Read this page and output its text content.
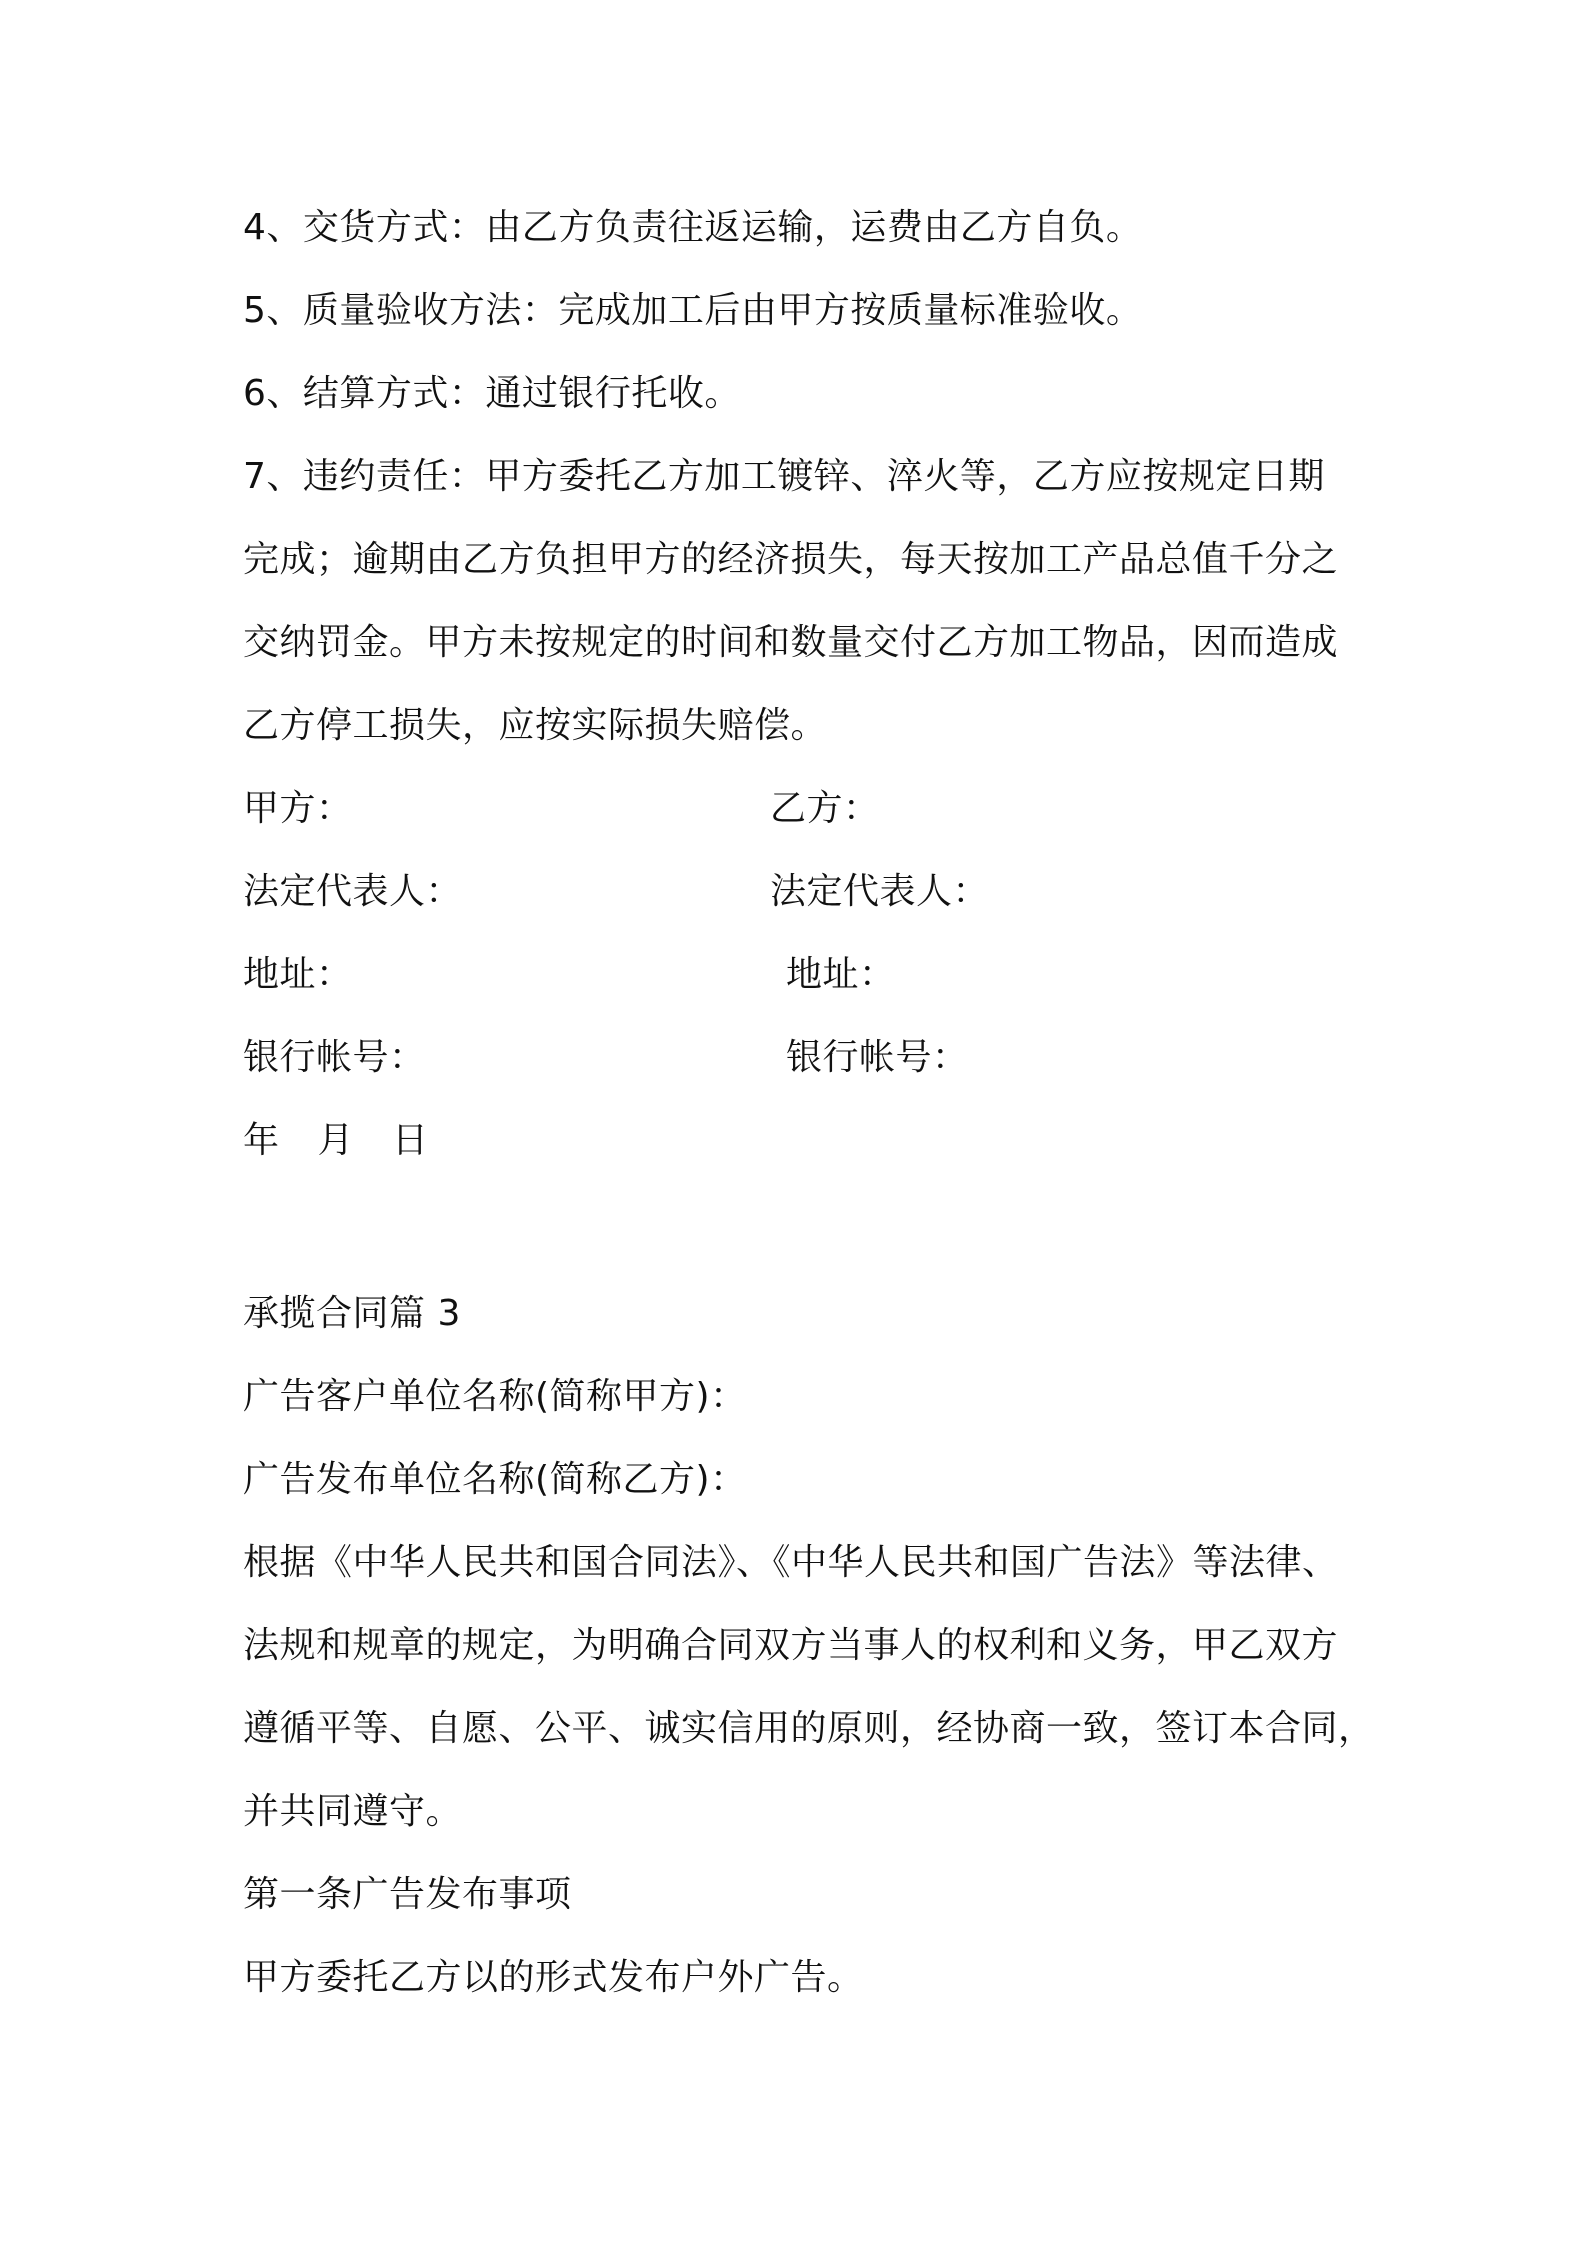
4、交货方式：由乙方负责往返运输，运费由乙方自负。
5、质量验收方法：完成加工后由甲方按质量标准验收。
6、结算方式：通过银行托收。
7、违约责任：甲方委托乙方加工镀锌、淬火等，乙方应按规定日期
完成；逾期由乙方负担甲方的经济损失，每天按加工产品总值千分之
交纳罚金。甲方未按规定的时间和数量交付乙方加工物品，因而造成
乙方停工损失，应按实际损失赔偿。
甲方：	乙方：
法定代表人：	法定代表人：
地址：	地址：
银行帐号：	银行帐号：
年 月 日
承揽合同篇 3
广告客户单位名称(简称甲方)：
广告发布单位名称(简称乙方)：
根据《中华人民共和国合同法》、《中华人民共和国广告法》等法律、
法规和规章的规定，为明确合同双方当事人的权利和义务，甲乙双方
遵循平等、自愿、公平、诚实信用的原则，经协商一致，签订本合同，
并共同遵守。
第一条广告发布事项
甲方委托乙方以的形式发布户外广告。
